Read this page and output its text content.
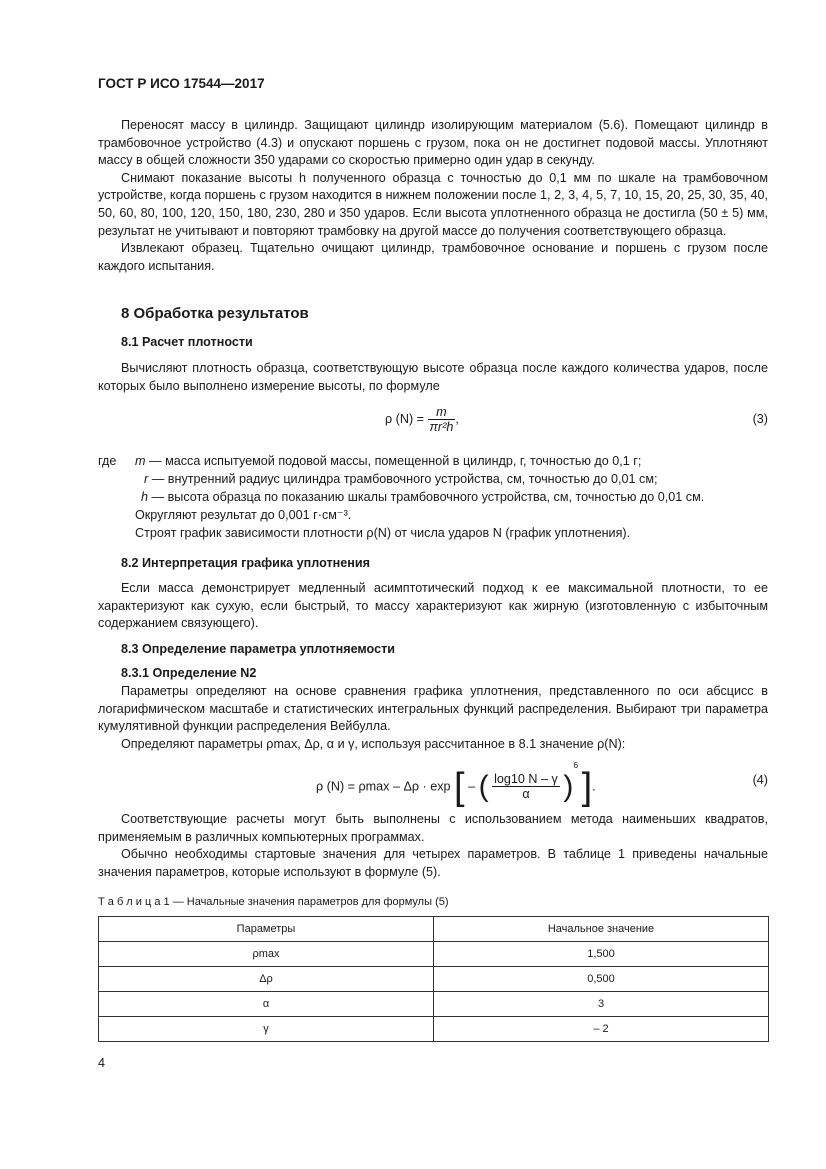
ГОСТ Р ИСО 17544—2017

Переносят массу в цилиндр. Защищают цилиндр изолирующим материалом (5.6). Помещают цилиндр в трамбовочное устройство (4.3) и опускают поршень с грузом, пока он не достигнет подовой массы. Уплотняют массу в общей сложности 350 ударами со скоростью примерно один удар в секунду.

Снимают показание высоты h полученного образца с точностью до 0,1 мм по шкале на трамбовочном устройстве, когда поршень с грузом находится в нижнем положении после 1, 2, 3, 4, 5, 7, 10, 15, 20, 25, 30, 35, 40, 50, 60, 80, 100, 120, 150, 180, 230, 280 и 350 ударов. Если высота уплотненного образца не достигла (50 ± 5) мм, результат не учитывают и повторяют трамбовку на другой массе до получения соответствующего образца.

Извлекают образец. Тщательно очищают цилиндр, трамбовочное основание и поршень с грузом после каждого испытания.

8 Обработка результатов
8.1 Расчет плотности

Вычисляют плотность образца, соответствующую высоте образца после каждого количества ударов, после которых было выполнено измерение высоты, по формуле

ρ $(N) = \frac{m}{\text{πr²h}}$ ,	(3)
где m — масса испытуемой подовой массы, помещенной в цилиндр, г, точностью до 0,1 г;
r — внутренний радиус цилиндра трамбовочного устройства, см, точностью до 0,01 см;
h — высота образца по показанию шкалы трамбовочного устройства, см, точностью до 0,01 см.
Округляют результат до 0,001 г·см⁻³.
Строят график зависимости плотности ρ(N) от числа ударов N (график уплотнения).
8.2 Интерпретация графика уплотнения

Если масса демонстрирует медленный асимптотический подход к ее максимальной плотности, то ее характеризуют как сухую, если быстрый, то массу характеризуют как жирную (изготовленную с избыточным содержанием связующего).

8.3 Определение параметра уплотняемости
8.3.1 Определение N2

Параметры определяют на основе сравнения графика уплотнения, представленного по оси абсцисс в логарифмическом масштабе и статистических интегральных функций распределения. Выбирают три параметра кумулятивной функции распределения Вейбулла.

Определяют параметры ρmax, Δρ, α и γ, используя рассчитанное в 8.1 значение ρ(N):

ρ (N) = ρmax – Δρ · exp [ – ( $\frac{\log 10 N - \gamma}{\alpha} )^6$ ].	(4)

Соответствующие расчеты могут быть выполнены с использованием метода наименьших квадратов, применяемым в различных компьютерных программах.

Обычно необходимы стартовые значения для четырех параметров. В таблице 1 приведены начальные значения параметров, которые используют в формуле (5).

Т а б л и ц а 1 — Начальные значения параметров для формулы (5)
Параметры	Начальное значение
ρmax	1,500
Δρ	0,500
α	3
γ	– 2
4
